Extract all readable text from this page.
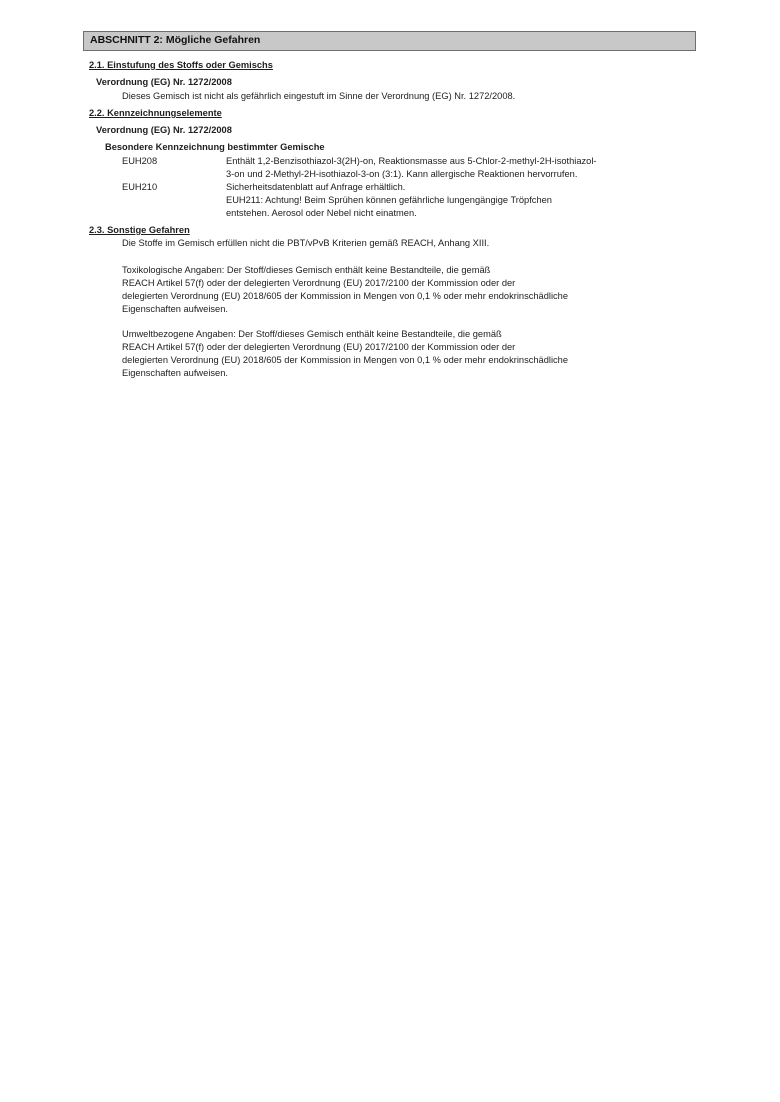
ABSCHNITT 2: Mögliche Gefahren
2.1. Einstufung des Stoffs oder Gemischs
Verordnung (EG) Nr. 1272/2008
Dieses Gemisch ist nicht als gefährlich eingestuft im Sinne der Verordnung (EG) Nr. 1272/2008.
2.2. Kennzeichnungselemente
Verordnung (EG) Nr. 1272/2008
Besondere Kennzeichnung bestimmter Gemische
EUH208	Enthält 1,2-Benzisothiazol-3(2H)-on, Reaktionsmasse aus 5-Chlor-2-methyl-2H-isothiazol-
3-on und 2-Methyl-2H-isothiazol-3-on (3:1). Kann allergische Reaktionen hervorrufen.
EUH210	Sicherheitsdatenblatt auf Anfrage erhältlich.
EUH211: Achtung! Beim Sprühen können gefährliche lungengängige Tröpfchen
entstehen. Aerosol oder Nebel nicht einatmen.
2.3. Sonstige Gefahren
Die Stoffe im Gemisch erfüllen nicht die PBT/vPvB Kriterien gemäß REACH, Anhang XIII.
Toxikologische Angaben: Der Stoff/dieses Gemisch enthält keine Bestandteile, die gemäß
REACH Artikel 57(f) oder der delegierten Verordnung (EU) 2017/2100 der Kommission oder der
delegierten Verordnung (EU) 2018/605 der Kommission in Mengen von 0,1 % oder mehr endokrinschädliche
Eigenschaften aufweisen.
Umweltbezogene Angaben: Der Stoff/dieses Gemisch enthält keine Bestandteile, die gemäß
REACH Artikel 57(f) oder der delegierten Verordnung (EU) 2017/2100 der Kommission oder der
delegierten Verordnung (EU) 2018/605 der Kommission in Mengen von 0,1 % oder mehr endokrinschädliche
Eigenschaften aufweisen.
